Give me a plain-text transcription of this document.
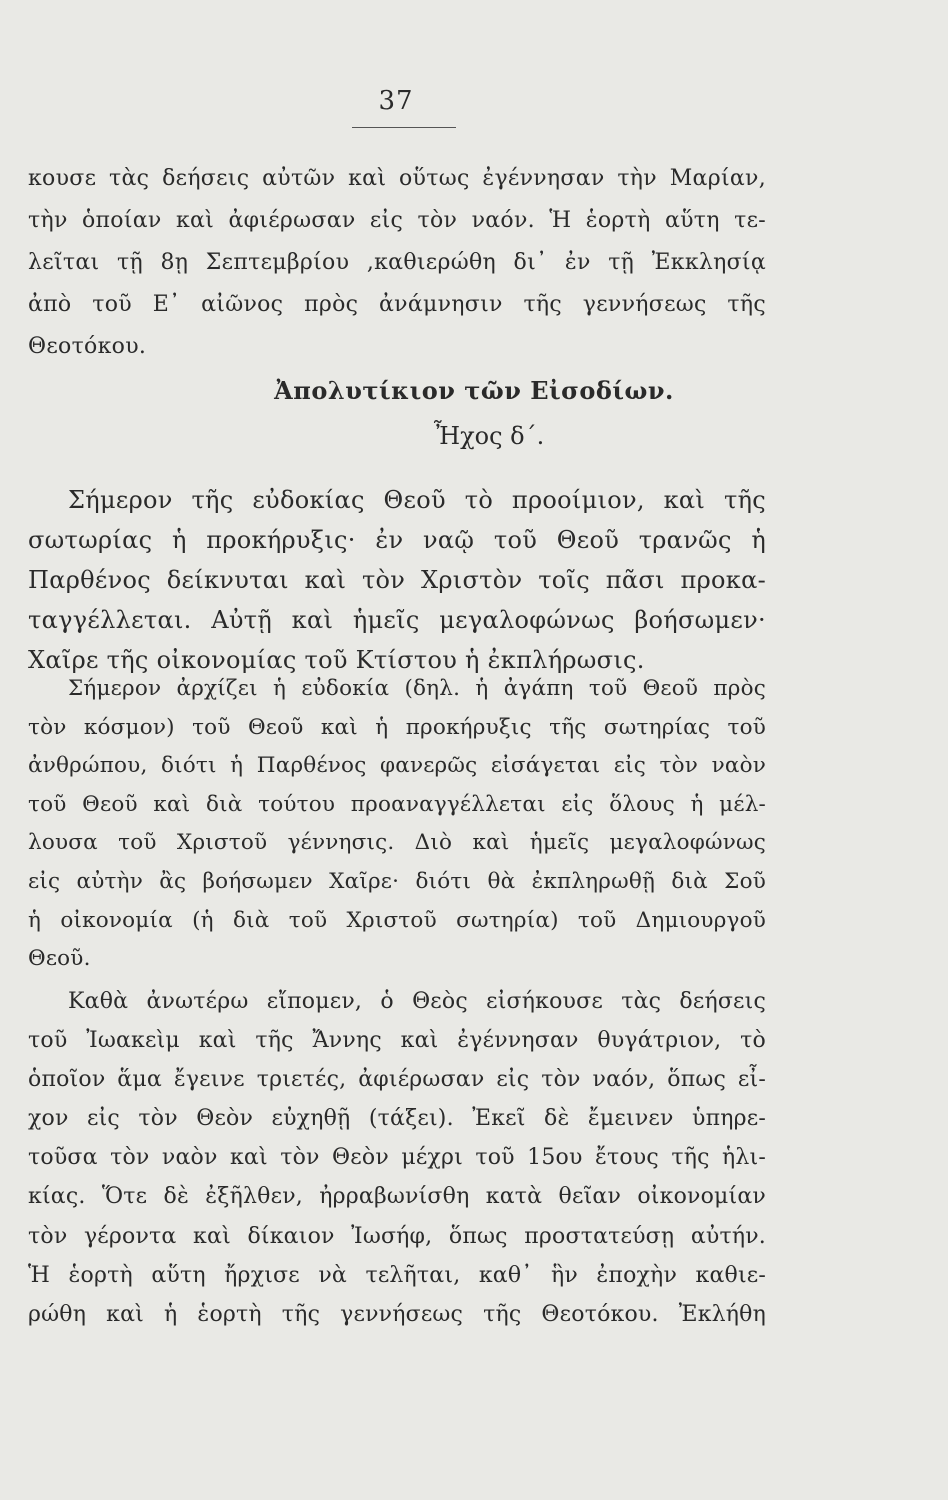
37
κουσε τὰς δεήσεις αὐτῶν καὶ οὕτως ἐγέννησαν τὴν Μαρίαν,
τὴν ὁποίαν καὶ ἀφιέρωσαν εἰς τὸν ναόν. Ἡ ἑορτὴ αὕτη τε-
λεῖται τῇ 8ῃ Σεπτεμβρίου ,καθιερώθη δι᾽ ἐν τῇ Ἐκκλησίᾳ
ἀπὸ τοῦ Ε᾽ αἰῶνος πρὸς ἀνάμνησιν τῆς γεννήσεως τῆς
Θεοτόκου.
Ἀπολυτίκιον τῶν Εἰσοδίων.
Ἦχος δ΄.
Σήμερον τῆς εὐδοκίας Θεοῦ τὸ προοίμιον, καὶ τῆς
σωτωρίας ἡ προκήρυξις· ἐν ναῷ τοῦ Θεοῦ τρανῶς ἡ
Παρθένος δείκνυται καὶ τὸν Χριστὸν τοῖς πᾶσι προκα-
ταγγέλλεται. Αὐτῇ καὶ ἡμεῖς μεγαλοφώνως βοήσωμεν·
Χαῖρε τῆς οἰκονομίας τοῦ Κτίστου ἡ ἐκπλήρωσις.
Σήμερον ἀρχίζει ἡ εὐδοκία (δηλ. ἡ ἀγάπη τοῦ Θεοῦ πρὸς
τὸν κόσμον) τοῦ Θεοῦ καὶ ἡ προκήρυξις τῆς σωτηρίας τοῦ
ἀνθρώπου, διότι ἡ Παρθένος φανερῶς εἰσάγεται εἰς τὸν ναὸν
τοῦ Θεοῦ καὶ διὰ τούτου προαναγγέλλεται εἰς ὅλους ἡ μέλ-
λουσα τοῦ Χριστοῦ γέννησις. Διὸ καὶ ἡμεῖς μεγαλοφώνως
εἰς αὐτὴν ἂς βοήσωμεν Χαῖρε· διότι θὰ ἐκπληρωθῇ διὰ Σοῦ
ἡ οἰκονομία (ἡ διὰ τοῦ Χριστοῦ σωτηρία) τοῦ Δημιουργοῦ
Θεοῦ.
Καθὰ ἀνωτέρω εἴπομεν, ὁ Θεὸς εἰσήκουσε τὰς δεήσεις
τοῦ Ἰωακεὶμ καὶ τῆς Ἄννης καὶ ἐγέννησαν θυγάτριον, τὸ
ὁποῖον ἅμα ἔγεινε τριετές, ἀφιέρωσαν εἰς τὸν ναόν, ὅπως εἶ-
χον εἰς τὸν Θεὸν εὐχηθῇ (τάξει). Ἐκεῖ δὲ ἔμεινεν ὑπηρε-
τοῦσα τὸν ναὸν καὶ τὸν Θεὸν μέχρι τοῦ 15ου ἔτους τῆς ἡλι-
κίας. Ὅτε δὲ ἐξῆλθεν, ἠρραβωνίσθη κατὰ θεῖαν οἰκονομίαν
τὸν γέροντα καὶ δίκαιον Ἰωσήφ, ὅπως προστατεύσῃ αὐτήν.
Ἡ ἑορτὴ αὕτη ἤρχισε νὰ τελῆται, καθ᾽ ἣν ἐποχὴν καθιε-
ρώθη καὶ ἡ ἑορτὴ τῆς γεννήσεως τῆς Θεοτόκου. Ἐκλήθη
